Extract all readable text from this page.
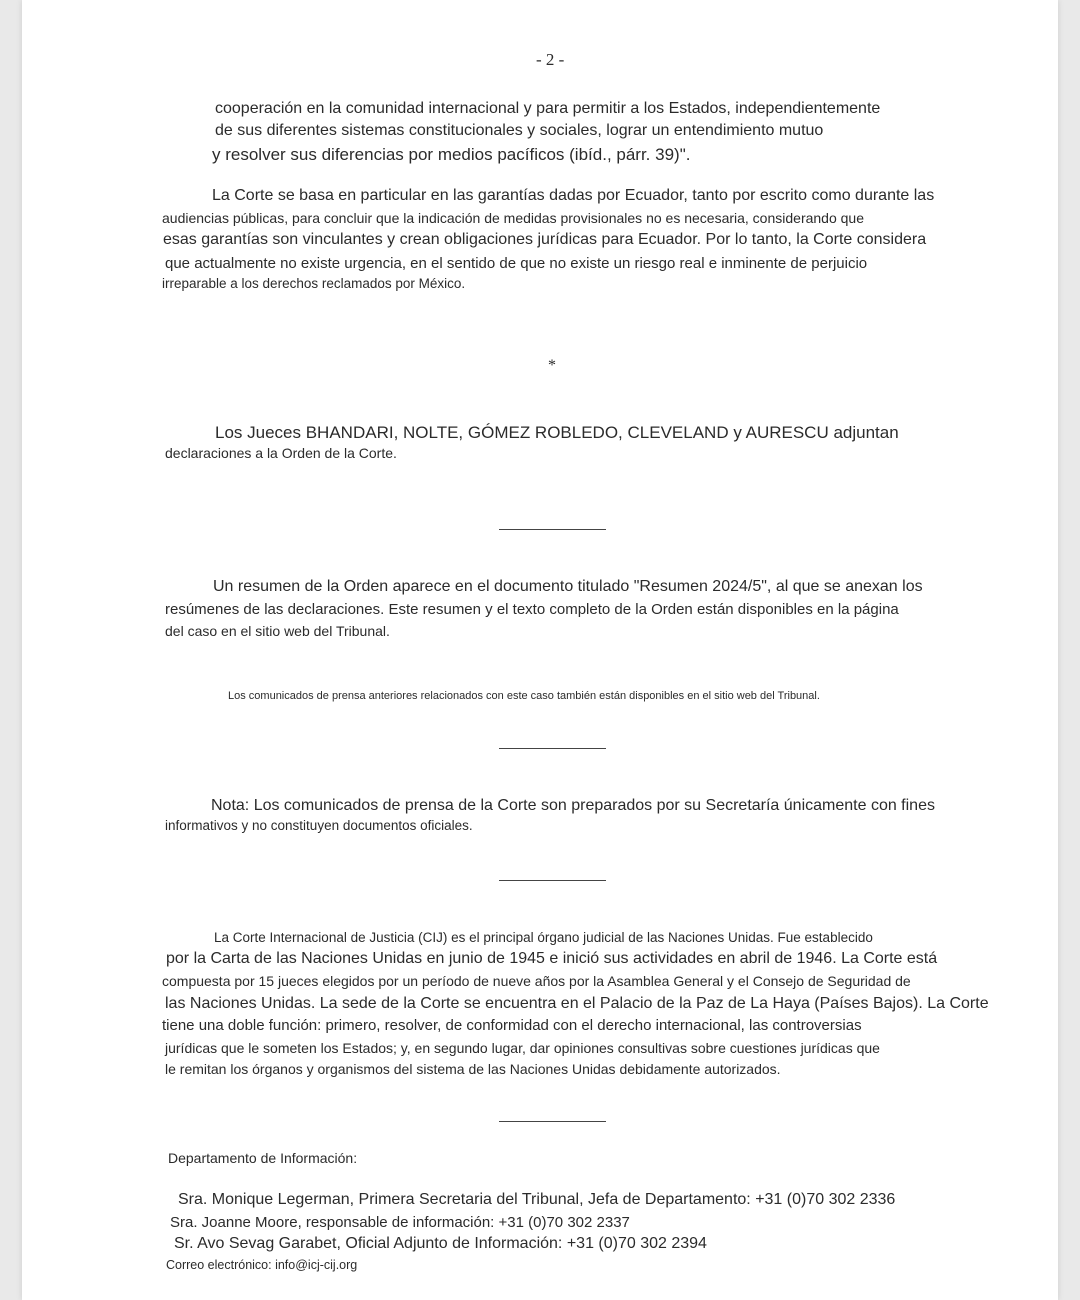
- 2 -
cooperación en la comunidad internacional y para permitir a los Estados, independientemente
de sus diferentes sistemas constitucionales y sociales, lograr un entendimiento mutuo
y resolver sus diferencias por medios pacíficos (ibíd., párr. 39)".
La Corte se basa en particular en las garantías dadas por Ecuador, tanto por escrito como durante las
audiencias públicas, para concluir que la indicación de medidas provisionales no es necesaria, considerando que
esas garantías son vinculantes y crean obligaciones jurídicas para Ecuador. Por lo tanto, la Corte considera
que actualmente no existe urgencia, en el sentido de que no existe un riesgo real e inminente de perjuicio
irreparable a los derechos reclamados por México.
*
Los Jueces BHANDARI, NOLTE, GÓMEZ ROBLEDO, CLEVELAND y AURESCU adjuntan
declaraciones a la Orden de la Corte.
Un resumen de la Orden aparece en el documento titulado "Resumen 2024/5", al que se anexan los
resúmenes de las declaraciones. Este resumen y el texto completo de la Orden están disponibles en la página
del caso en el sitio web del Tribunal.
Los comunicados de prensa anteriores relacionados con este caso también están disponibles en el sitio web del Tribunal.
Nota: Los comunicados de prensa de la Corte son preparados por su Secretaría únicamente con fines
informativos y no constituyen documentos oficiales.
La Corte Internacional de Justicia (CIJ) es el principal órgano judicial de las Naciones Unidas. Fue establecido
por la Carta de las Naciones Unidas en junio de 1945 e inició sus actividades en abril de 1946. La Corte está
compuesta por 15 jueces elegidos por un período de nueve años por la Asamblea General y el Consejo de Seguridad de
las Naciones Unidas. La sede de la Corte se encuentra en el Palacio de la Paz de La Haya (Países Bajos). La Corte
tiene una doble función: primero, resolver, de conformidad con el derecho internacional, las controversias
jurídicas que le someten los Estados; y, en segundo lugar, dar opiniones consultivas sobre cuestiones jurídicas que
le remitan los órganos y organismos del sistema de las Naciones Unidas debidamente autorizados.
Departamento de Información:
Sra. Monique Legerman, Primera Secretaria del Tribunal, Jefa de Departamento: +31 (0)70 302 2336
Sra. Joanne Moore, responsable de información: +31 (0)70 302 2337
Sr. Avo Sevag Garabet, Oficial Adjunto de Información: +31 (0)70 302 2394
Correo electrónico: info@icj-cij.org
